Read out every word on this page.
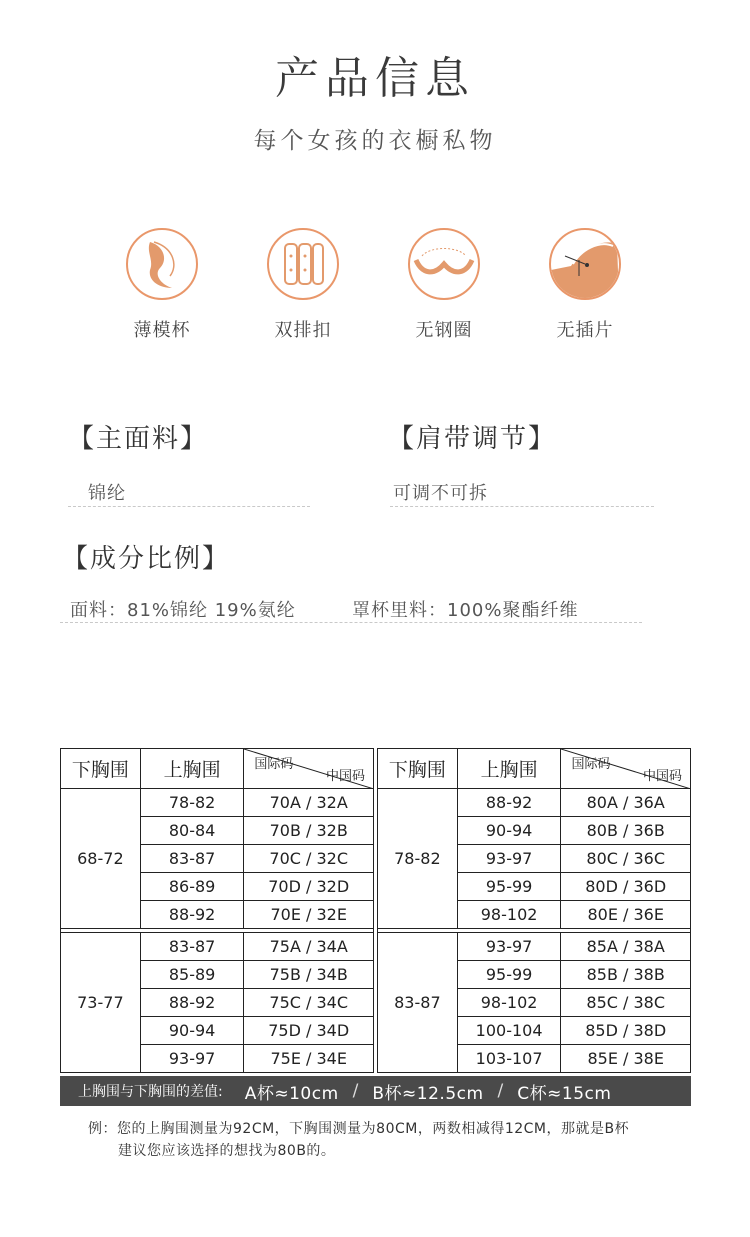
产品信息
每个女孩的衣橱私物
薄模杯	双排扣	无钢圈	无插片
【主面料】
锦纶
【肩带调节】
可调不可拆
【成分比例】
面料：81%锦纶 19%氨纶	罩杯里料：100%聚酯纤维
下胸围	上胸围	国际码
中国码

68-72	78-82	70A / 32A
	80-84	70B / 32B
	83-87	70C / 32C
	86-89	70D / 32D
	88-92	70E / 32E

73-77	83-87	75A / 34A
	85-89	75B / 34B
	88-92	75C / 34C
	90-94	75D / 34D
	93-97	75E / 34E
下胸围	上胸围	国际码
中国码

78-82	88-92	80A / 36A
	90-94	80B / 36B
	93-97	80C / 36C
	95-99	80D / 36D
	98-102	80E / 36E

83-87	93-97	85A / 38A
	95-99	85B / 38B
	98-102	85C / 38C
	100-104	85D / 38D
	103-107	85E / 38E
上胸围与下胸围的差值: A杯≈10cm / B杯≈12.5cm / C杯≈15cm
例：您的上胸围测量为92CM，下胸围测量为80CM，两数相减得12CM，那就是B杯
建议您应该选择的想找为80B的。
